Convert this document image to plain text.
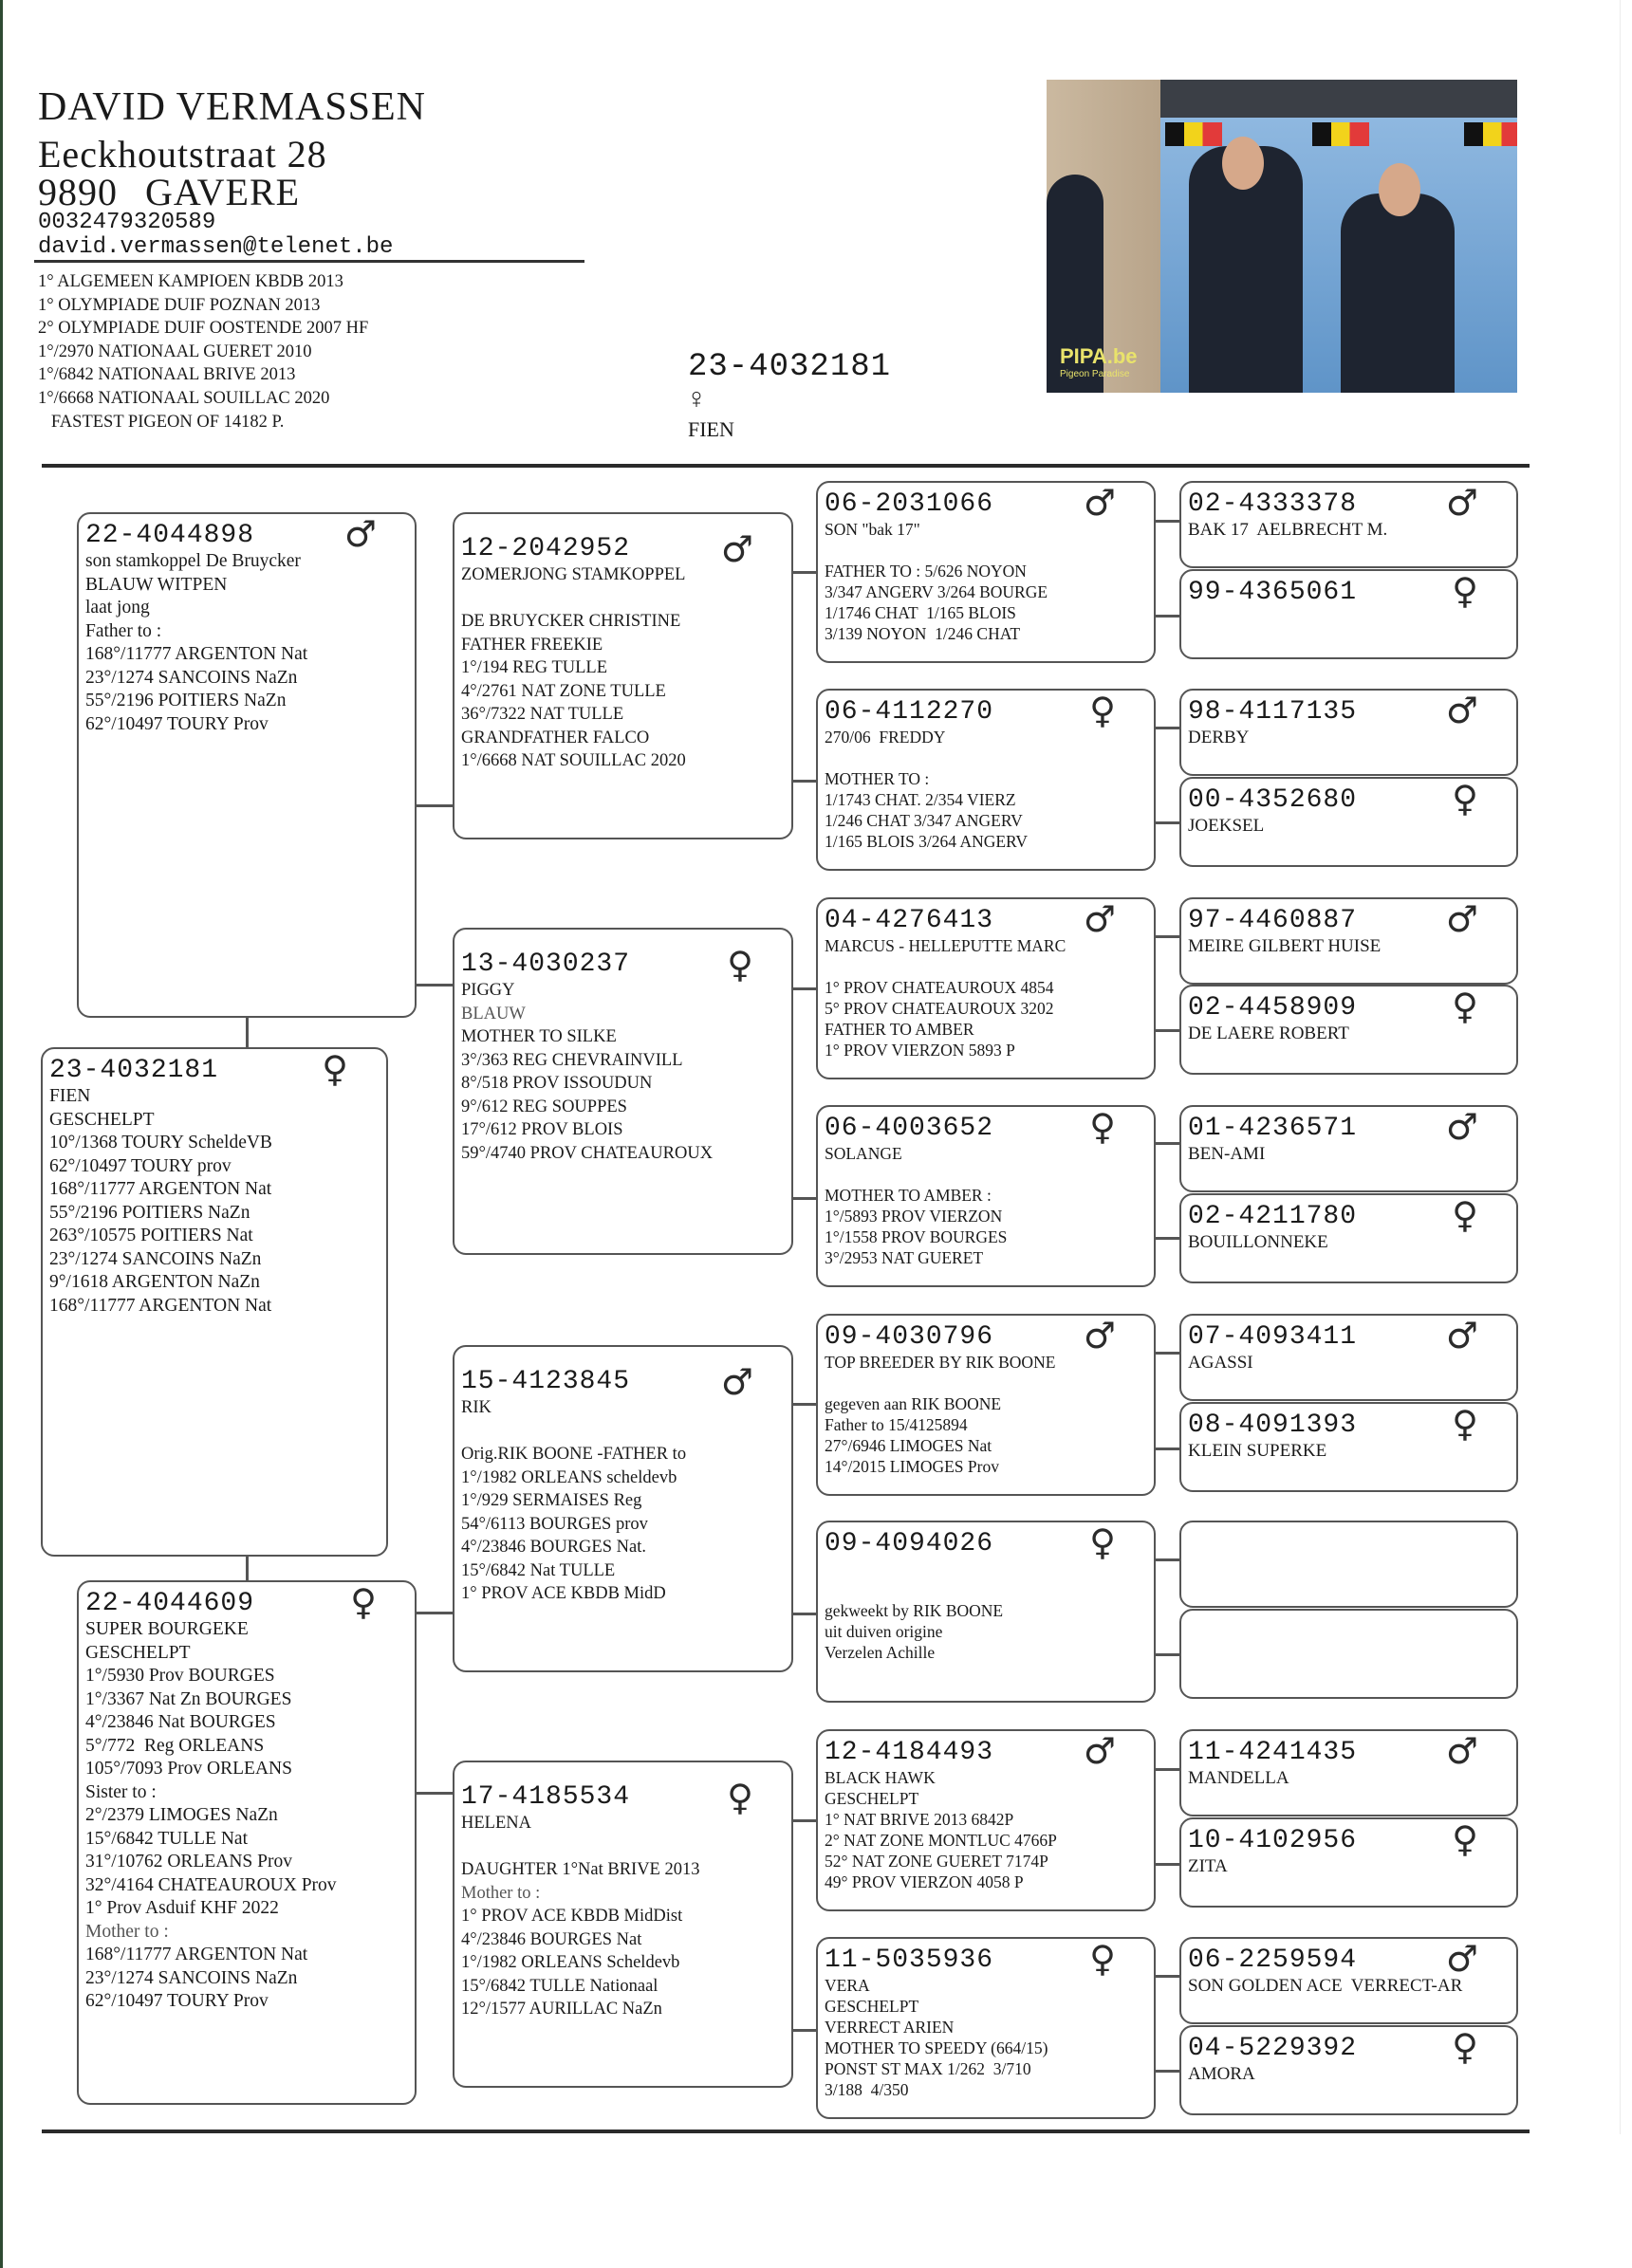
DAVID VERMASSEN
Eeckhoutstraat 28
9890 GAVERE
0032479320589
david.vermassen@telenet.be
1° ALGEMEEN KAMPIOEN KBDB 2013
1° OLYMPIADE DUIF POZNAN 2013
2° OLYMPIADE DUIF OOSTENDE 2007 HF
1°/2970 NATIONAAL GUERET 2010
1°/6842 NATIONAAL BRIVE 2013
1°/6668 NATIONAAL SOUILLAC 2020
FASTEST PIGEON OF 14182 P.
PIPA.be
Pigeon Paradise
23-4032181
♀
FIEN
22-4044898	♂
son stamkoppel De Bruycker
BLAUW WITPEN
laat jong
Father to :
168°/11777 ARGENTON Nat
23°/1274 SANCOINS NaZn
55°/2196 POITIERS NaZn
62°/10497 TOURY Prov
23-4032181	♀
FIEN
GESCHELPT
10°/1368 TOURY ScheldeVB
62°/10497 TOURY prov
168°/11777 ARGENTON Nat
55°/2196 POITIERS NaZn
263°/10575 POITIERS Nat
23°/1274 SANCOINS NaZn
9°/1618 ARGENTON NaZn
168°/11777 ARGENTON Nat
22-4044609	♀
SUPER BOURGEKE
GESCHELPT
1°/5930 Prov BOURGES
1°/3367 Nat Zn BOURGES
4°/23846 Nat BOURGES
5°/772  Reg ORLEANS
105°/7093 Prov ORLEANS
Sister to :
2°/2379 LIMOGES NaZn
15°/6842 TULLE Nat
31°/10762 ORLEANS Prov
32°/4164 CHATEAUROUX Prov
1° Prov Asduif KHF 2022
Mother to :
168°/11777 ARGENTON Nat
23°/1274 SANCOINS NaZn
62°/10497 TOURY Prov
12-2042952	♂
ZOMERJONG STAMKOPPEL

DE BRUYCKER CHRISTINE
FATHER FREEKIE
1°/194 REG TULLE
4°/2761 NAT ZONE TULLE
36°/7322 NAT TULLE
GRANDFATHER FALCO
1°/6668 NAT SOUILLAC 2020
13-4030237	♀
PIGGY
BLAUW
MOTHER TO SILKE
3°/363 REG CHEVRAINVILL
8°/518 PROV ISSOUDUN
9°/612 REG SOUPPES
17°/612 PROV BLOIS
59°/4740 PROV CHATEAUROUX
15-4123845	♂
RIK

Orig.RIK BOONE -FATHER to
1°/1982 ORLEANS scheldevb
1°/929 SERMAISES Reg
54°/6113 BOURGES prov
4°/23846 BOURGES Nat.
15°/6842 Nat TULLE
1° PROV ACE KBDB MidD
17-4185534	♀
HELENA

DAUGHTER 1°Nat BRIVE 2013
Mother to :
1° PROV ACE KBDB MidDist
4°/23846 BOURGES Nat
1°/1982 ORLEANS Scheldevb
15°/6842 TULLE Nationaal
12°/1577 AURILLAC NaZn
06-2031066	♂
SON "bak 17"

FATHER TO : 5/626 NOYON
3/347 ANGERV 3/264 BOURGE
1/1746 CHAT  1/165 BLOIS
3/139 NOYON  1/246 CHAT
06-4112270	♀
270/06  FREDDY

MOTHER TO :
1/1743 CHAT. 2/354 VIERZ
1/246 CHAT 3/347 ANGERV
1/165 BLOIS 3/264 ANGERV
04-4276413	♂
MARCUS - HELLEPUTTE MARC

1° PROV CHATEAUROUX 4854
5° PROV CHATEAUROUX 3202
FATHER TO AMBER
1° PROV VIERZON 5893 P
06-4003652	♀
SOLANGE

MOTHER TO AMBER :
1°/5893 PROV VIERZON
1°/1558 PROV BOURGES
3°/2953 NAT GUERET
09-4030796	♂
TOP BREEDER BY RIK BOONE

gegeven aan RIK BOONE
Father to 15/4125894
27°/6946 LIMOGES Nat
14°/2015 LIMOGES Prov
09-4094026	♀

gekweekt by RIK BOONE
uit duiven origine
Verzelen Achille
12-4184493	♂
BLACK HAWK
GESCHELPT
1° NAT BRIVE 2013 6842P
2° NAT ZONE MONTLUC 4766P
52° NAT ZONE GUERET 7174P
49° PROV VIERZON 4058 P
11-5035936	♀
VERA
GESCHELPT
VERRECT ARIEN
MOTHER TO SPEEDY (664/15)
PONST ST MAX 1/262  3/710
3/188  4/350
02-4333378	♂
BAK 17  AELBRECHT M.
99-4365061	♀
98-4117135	♂
DERBY
00-4352680	♀
JOEKSEL
97-4460887	♂
MEIRE GILBERT HUISE
02-4458909	♀
DE LAERE ROBERT
01-4236571	♂
BEN-AMI
02-4211780	♀
BOUILLONNEKE
07-4093411	♂
AGASSI
08-4091393	♀
KLEIN SUPERKE
11-4241435	♂
MANDELLA
10-4102956	♀
ZITA
06-2259594	♂
SON GOLDEN ACE  VERRECT-AR
04-5229392	♀
AMORA
